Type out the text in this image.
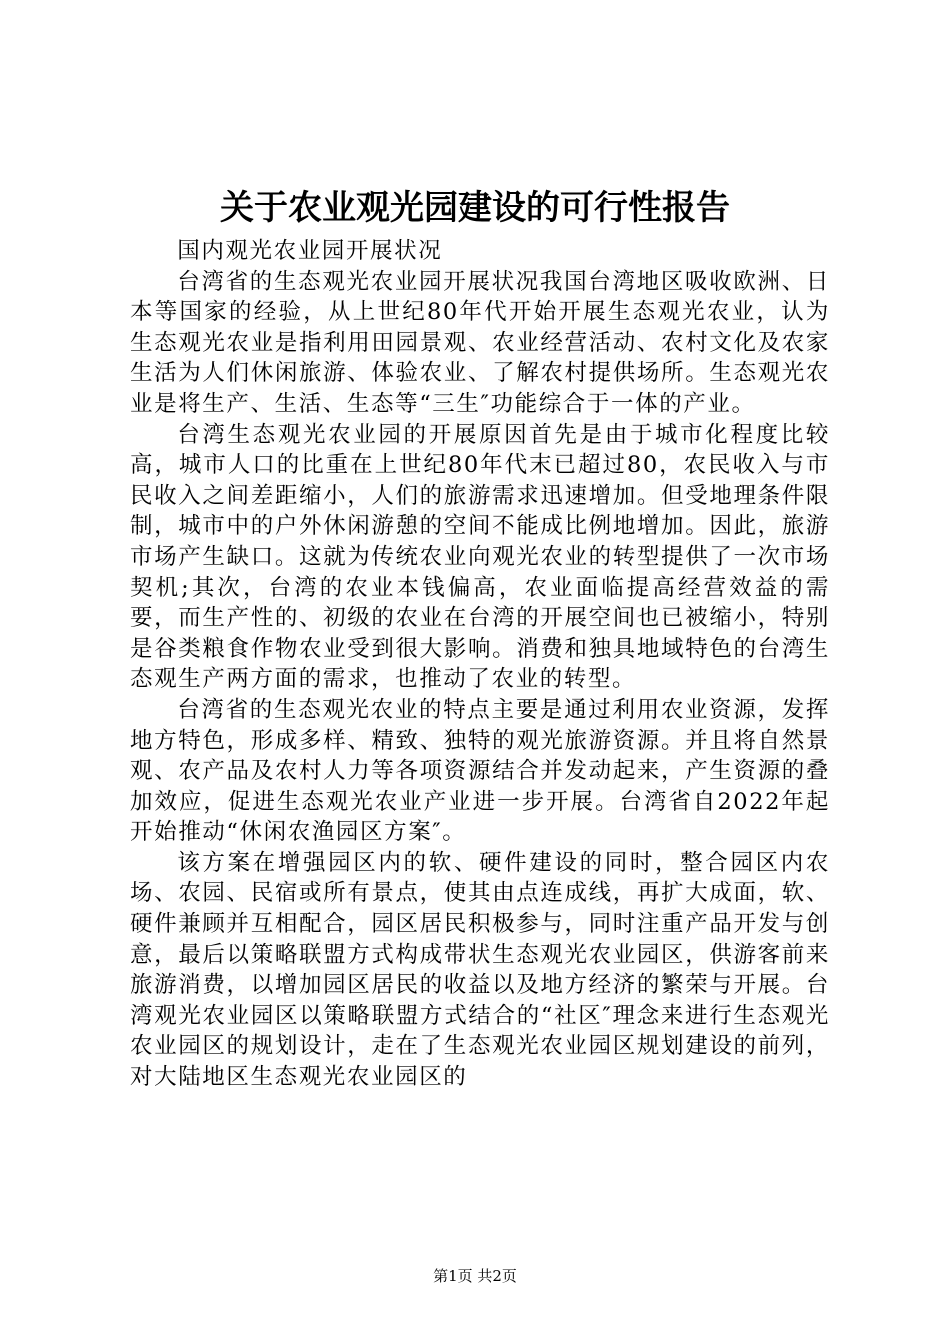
关于农业观光园建设的可行性报告

国内观光农业园开展状况

台湾省的生态观光农业园开展状况我国台湾地区吸收欧洲、日本等国家的经验，从上世纪80年代开始开展生态观光农业，认为生态观光农业是指利用田园景观、农业经营活动、农村文化及农家生活为人们休闲旅游、体验农业、了解农村提供场所。生态观光农业是将生产、生活、生态等“三生″功能综合于一体的产业。

台湾生态观光农业园的开展原因首先是由于城市化程度比较高，城市人口的比重在上世纪80年代末已超过80，农民收入与市民收入之间差距缩小，人们的旅游需求迅速增加。但受地理条件限制，城市中的户外休闲游憩的空间不能成比例地增加。因此，旅游市场产生缺口。这就为传统农业向观光农业的转型提供了一次市场契机;其次，台湾的农业本钱偏高，农业面临提高经营效益的需要，而生产性的、初级的农业在台湾的开展空间也已被缩小，特别是谷类粮食作物农业受到很大影响。消费和独具地域特色的台湾生态观生产两方面的需求，也推动了农业的转型。

台湾省的生态观光农业的特点主要是通过利用农业资源，发挥地方特色，形成多样、精致、独特的观光旅游资源。并且将自然景观、农产品及农村人力等各项资源结合并发动起来，产生资源的叠加效应，促进生态观光农业产业进一步开展。台湾省自2022年起开始推动“休闲农渔园区方案″。

该方案在增强园区内的软、硬件建设的同时，整合园区内农场、农园、民宿或所有景点，使其由点连成线，再扩大成面，软、硬件兼顾并互相配合，园区居民积极参与，同时注重产品开发与创意，最后以策略联盟方式构成带状生态观光农业园区，供游客前来旅游消费，以增加园区居民的收益以及地方经济的繁荣与开展。台湾观光农业园区以策略联盟方式结合的“社区″理念来进行生态观光农业园区的规划设计，走在了生态观光农业园区规划建设的前列，对大陆地区生态观光农业园区的

第1页 共2页
